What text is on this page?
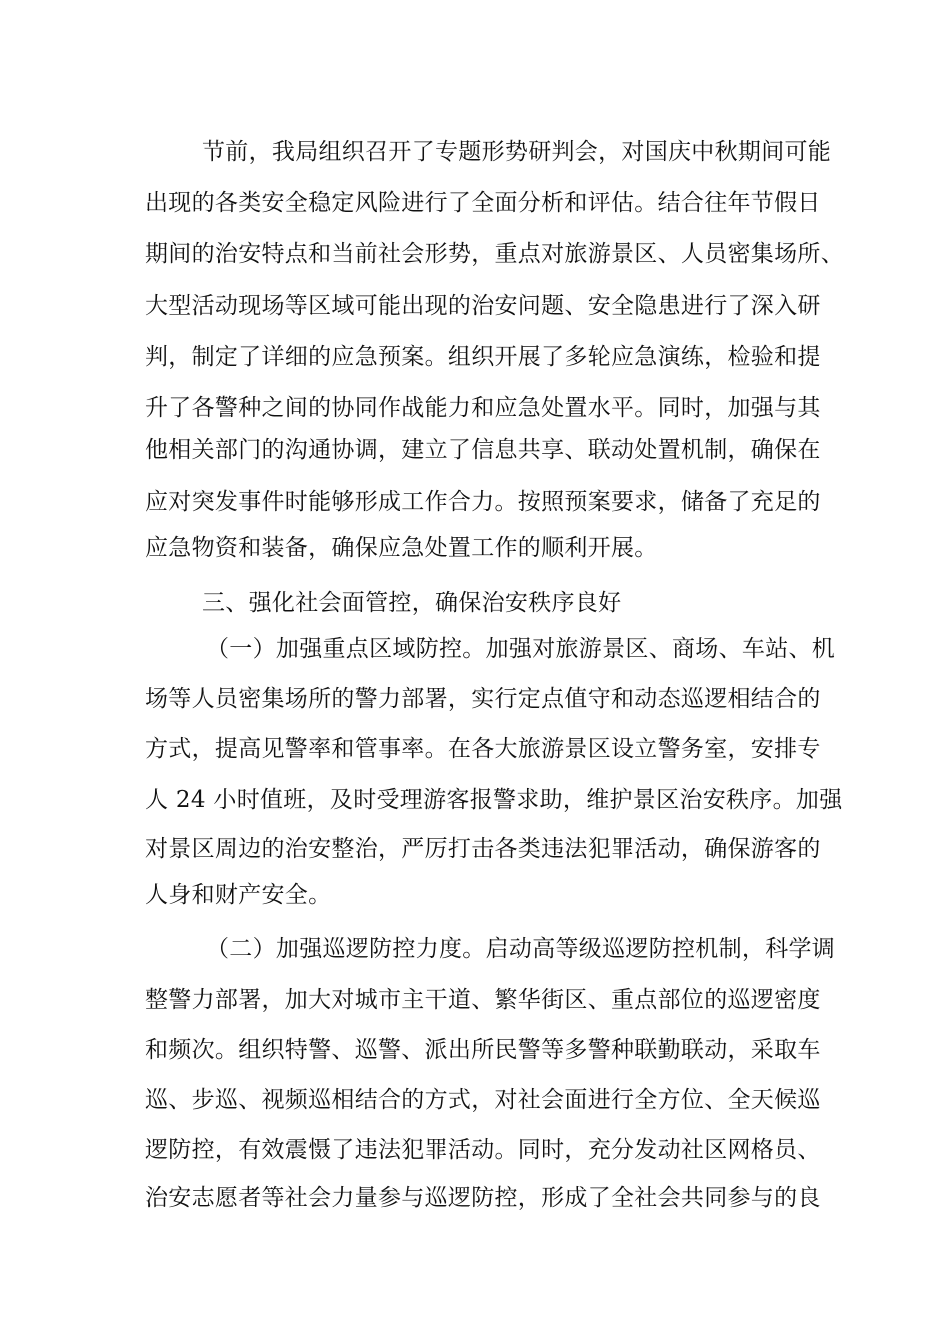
节前，我局组织召开了专题形势研判会，对国庆中秋期间可能

出现的各类安全稳定风险进行了全面分析和评估。结合往年节假日

期间的治安特点和当前社会形势，重点对旅游景区、人员密集场所、

大型活动现场等区域可能出现的治安问题、安全隐患进行了深入研

判，制定了详细的应急预案。组织开展了多轮应急演练，检验和提

升了各警种之间的协同作战能力和应急处置水平。同时，加强与其

他相关部门的沟通协调，建立了信息共享、联动处置机制，确保在

应对突发事件时能够形成工作合力。按照预案要求，储备了充足的

应急物资和装备，确保应急处置工作的顺利开展。

三、强化社会面管控，确保治安秩序良好

（一）加强重点区域防控。加强对旅游景区、商场、车站、机

场等人员密集场所的警力部署，实行定点值守和动态巡逻相结合的

方式，提高见警率和管事率。在各大旅游景区设立警务室，安排专

人 24 小时值班，及时受理游客报警求助，维护景区治安秩序。加强

对景区周边的治安整治，严厉打击各类违法犯罪活动，确保游客的

人身和财产安全。

（二）加强巡逻防控力度。启动高等级巡逻防控机制，科学调

整警力部署，加大对城市主干道、繁华街区、重点部位的巡逻密度

和频次。组织特警、巡警、派出所民警等多警种联勤联动，采取车

巡、步巡、视频巡相结合的方式，对社会面进行全方位、全天候巡

逻防控，有效震慑了违法犯罪活动。同时，充分发动社区网格员、

治安志愿者等社会力量参与巡逻防控，形成了全社会共同参与的良
